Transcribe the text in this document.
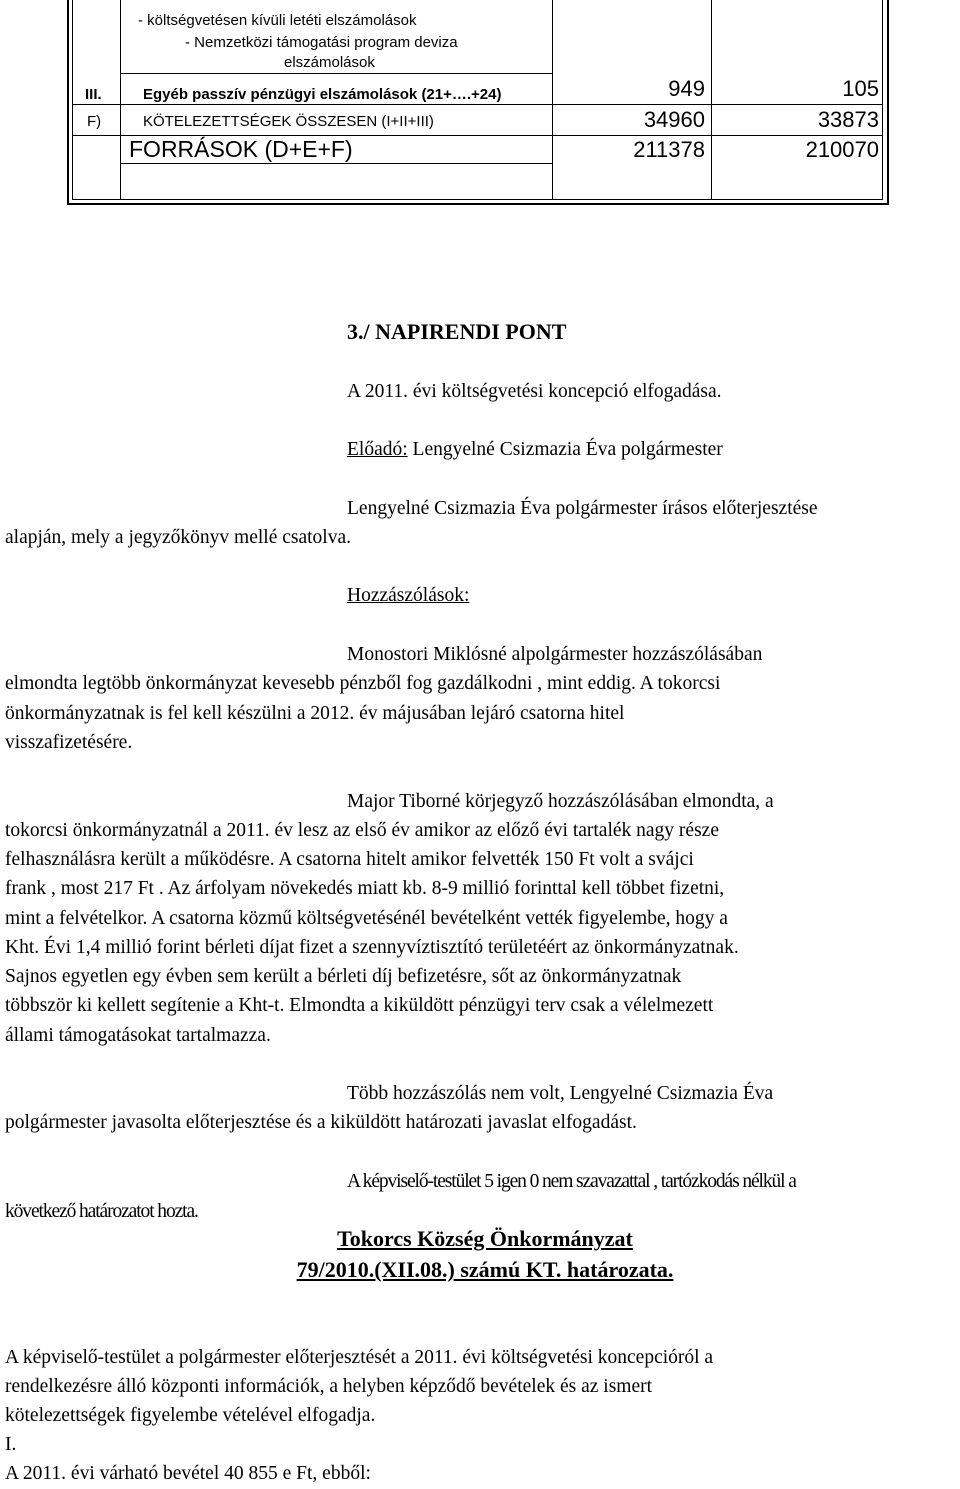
- költségvetésen kívüli letéti elszámolások
- Nemzetközi támogatási program deviza
elszámolások
III.	Egyéb passzív pénzügyi elszámolások (21+….+24)	949	105
F)	KÖTELEZETTSÉGEK ÖSSZESEN (I+II+III)	34960	33873
FORRÁSOK (D+E+F)	211378	210070
3./ NAPIRENDI PONT
A 2011. évi költségvetési koncepció elfogadása.
Előadó: Lengyelné Csizmazia Éva polgármester
Lengyelné Csizmazia Éva polgármester írásos előterjesztése
alapján, mely a jegyzőkönyv mellé csatolva.
Hozzászólások:
Monostori Miklósné alpolgármester hozzászólásában
elmondta legtöbb önkormányzat kevesebb pénzből fog gazdálkodni , mint eddig. A tokorcsi
önkormányzatnak is fel kell készülni a 2012. év májusában lejáró csatorna hitel
visszafizetésére.
Major Tiborné körjegyző hozzászólásában elmondta, a
tokorcsi önkormányzatnál a 2011. év lesz az első év amikor az előző évi tartalék nagy része
felhasználásra került a működésre. A csatorna hitelt amikor felvették 150 Ft volt a svájci
frank , most 217 Ft . Az árfolyam növekedés miatt kb. 8-9 millió forinttal kell többet fizetni,
mint a felvételkor. A csatorna közmű költségvetésénél bevételként vették figyelembe, hogy a
Kht. Évi 1,4 millió forint bérleti díjat fizet a szennyvíztisztító területéért az önkormányzatnak.
Sajnos egyetlen egy évben sem került a bérleti díj befizetésre, sőt az önkormányzatnak
többször ki kellett segítenie a Kht-t. Elmondta a kiküldött pénzügyi terv csak a vélelmezett
állami támogatásokat tartalmazza.
Több hozzászólás nem volt, Lengyelné Csizmazia Éva
polgármester javasolta előterjesztése és a kiküldött határozati javaslat elfogadást.
A képviselő-testület 5 igen 0 nem szavazattal , tartózkodás nélkül a
következő határozatot hozta.
Tokorcs Község Önkormányzat
79/2010.(XII.08.) számú KT. határozata.
A képviselő-testület a polgármester előterjesztését a 2011. évi költségvetési koncepcióról a
rendelkezésre álló központi információk, a helyben képződő bevételek és az ismert
kötelezettségek figyelembe vételével elfogadja.
I.
A 2011. évi várható bevétel 40 855 e Ft, ebből:
